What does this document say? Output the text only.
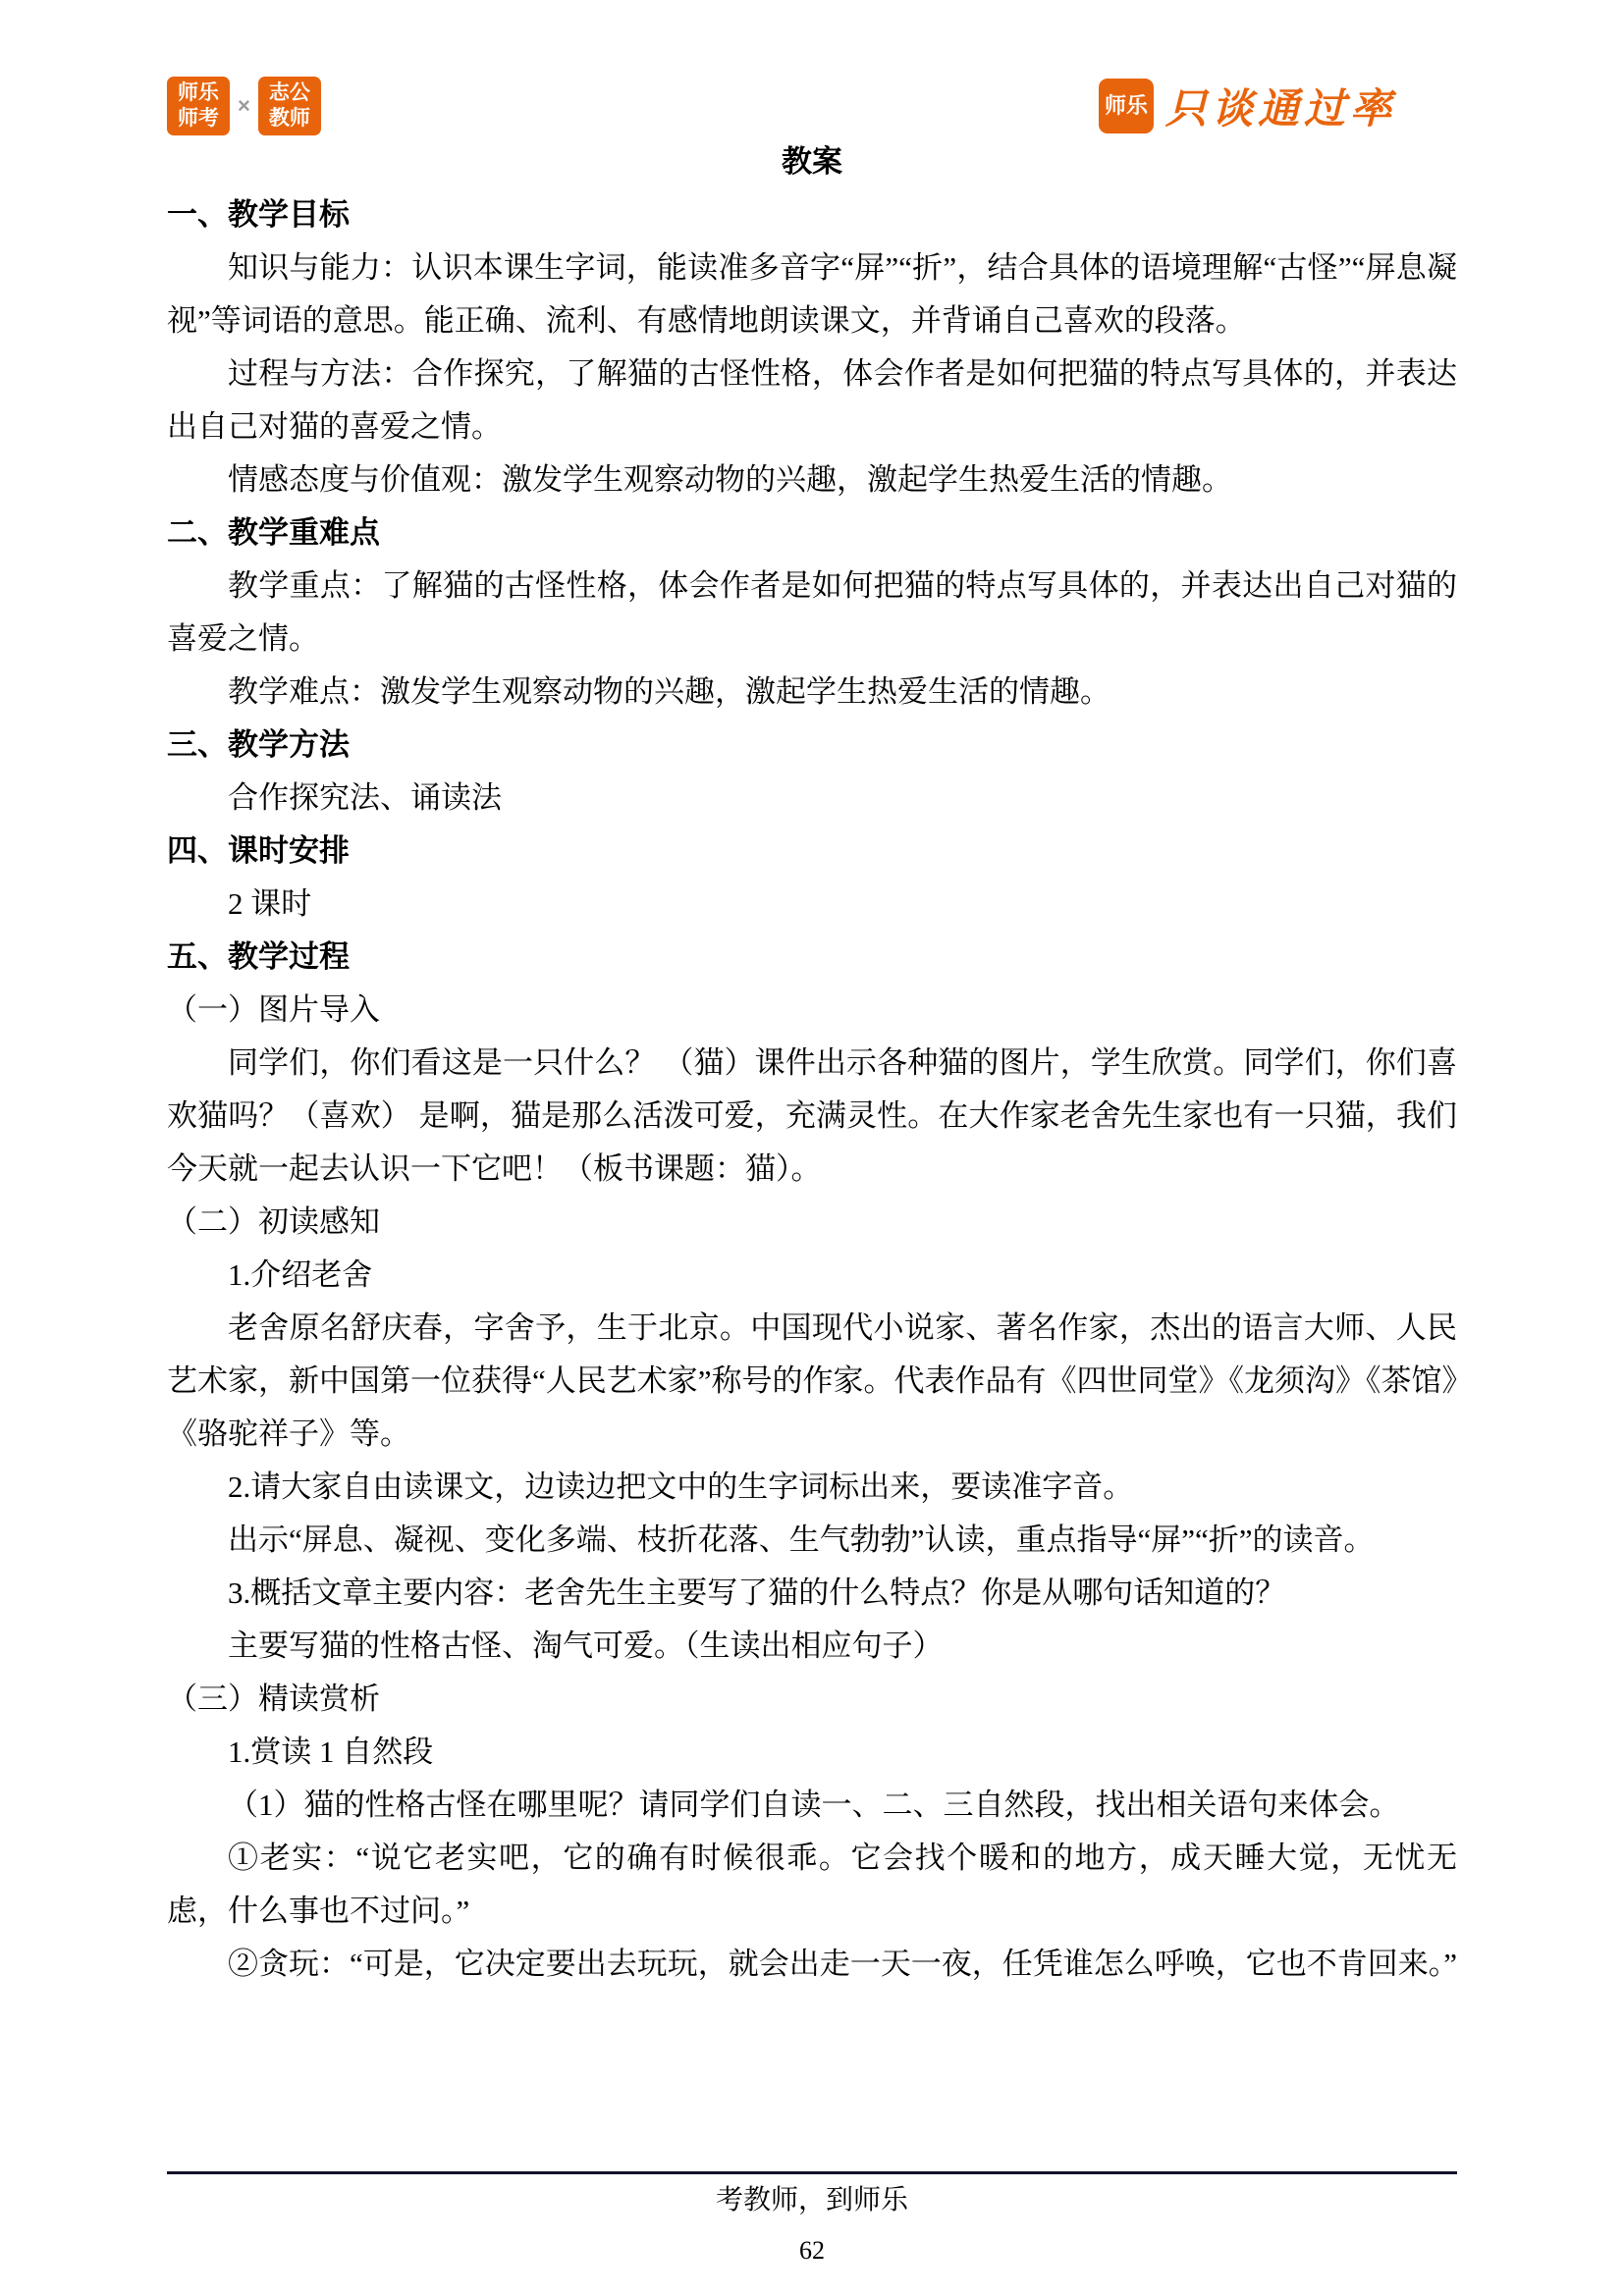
师乐
师考
×
志公
教师
师乐 只谈通过率
教案
一、教学目标

知识与能力：认识本课生字词，能读准多音字“屏”“折”，结合具体的语境理解“古怪”“屏息凝视”等词语的意思。能正确、流利、有感情地朗读课文，并背诵自己喜欢的段落。

过程与方法：合作探究，了解猫的古怪性格，体会作者是如何把猫的特点写具体的，并表达出自己对猫的喜爱之情。

情感态度与价值观：激发学生观察动物的兴趣，激起学生热爱生活的情趣。

二、教学重难点

教学重点：了解猫的古怪性格，体会作者是如何把猫的特点写具体的，并表达出自己对猫的喜爱之情。

教学难点：激发学生观察动物的兴趣，激起学生热爱生活的情趣。

三、教学方法

合作探究法、诵读法

四、课时安排

2 课时

五、教学过程

（一）图片导入

同学们，你们看这是一只什么？ （猫）课件出示各种猫的图片，学生欣赏。同学们，你们喜欢猫吗？（喜欢） 是啊，猫是那么活泼可爱，充满灵性。在大作家老舍先生家也有一只猫，我们今天就一起去认识一下它吧！（板书课题：猫）。

（二）初读感知

1.介绍老舍

老舍原名舒庆春，字舍予，生于北京。中国现代小说家、著名作家，杰出的语言大师、人民艺术家，新中国第一位获得“人民艺术家”称号的作家。代表作品有《四世同堂》《龙须沟》《茶馆》《骆驼祥子》等。

2.请大家自由读课文，边读边把文中的生字词标出来，要读准字音。

出示“屏息、凝视、变化多端、枝折花落、生气勃勃”认读，重点指导“屏”“折”的读音。

3.概括文章主要内容：老舍先生主要写了猫的什么特点？你是从哪句话知道的？

主要写猫的性格古怪、淘气可爱。（生读出相应句子）

（三）精读赏析

1.赏读 1 自然段

（1）猫的性格古怪在哪里呢？请同学们自读一、二、三自然段，找出相关语句来体会。

①老实：“说它老实吧，它的确有时候很乖。它会找个暖和的地方，成天睡大觉，无忧无虑，什么事也不过问。”

②贪玩：“可是，它决定要出去玩玩，就会出走一天一夜，任凭谁怎么呼唤，它也不肯回来。”

考教师，到师乐
62
